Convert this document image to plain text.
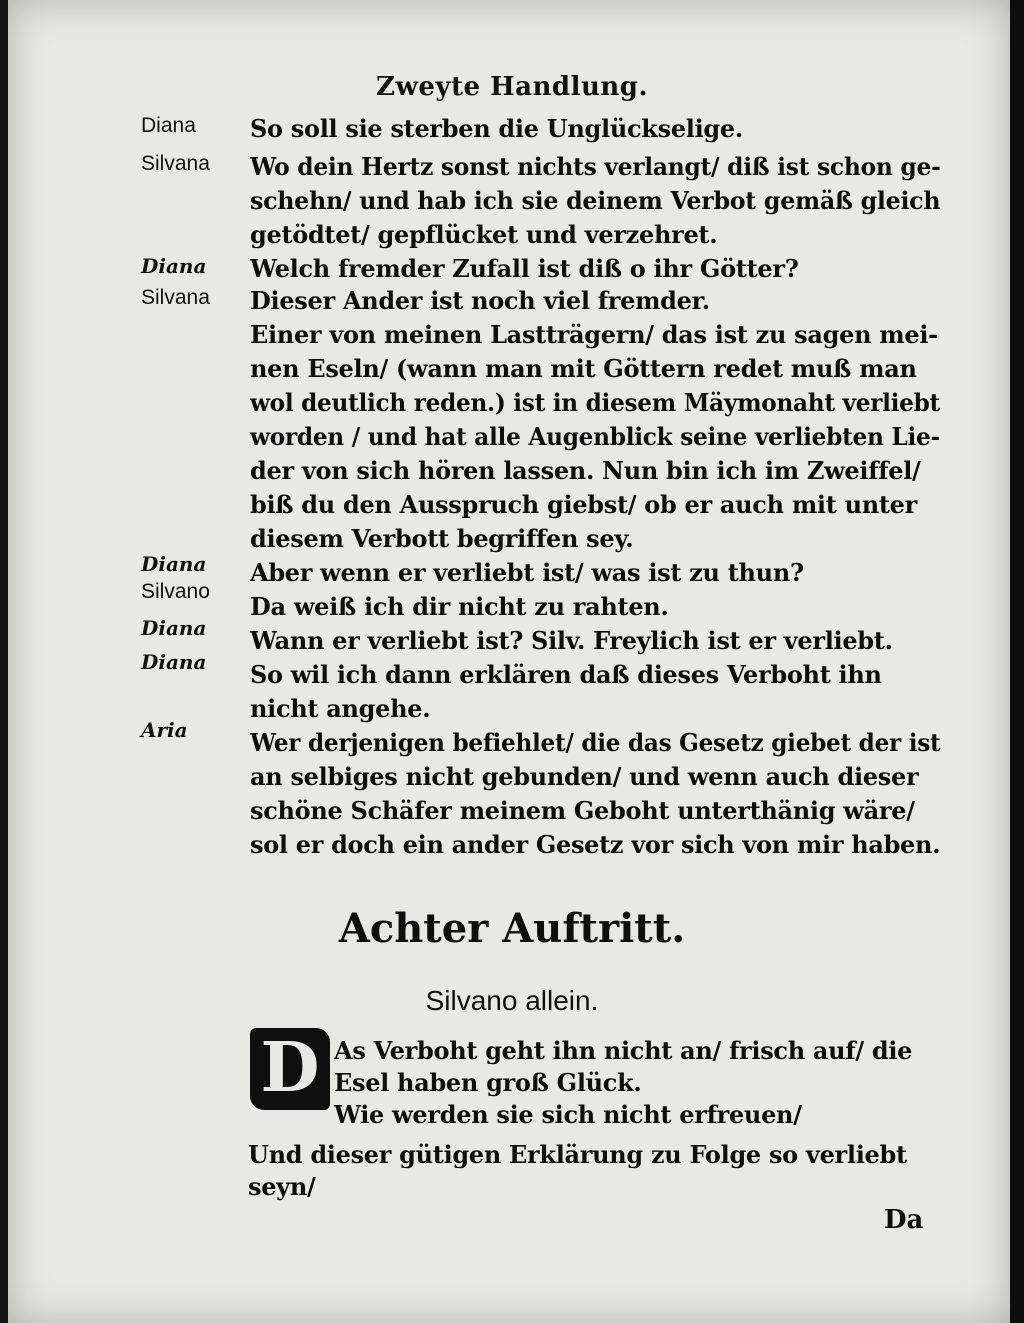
Zweyte Handlung.
Diana
Silvana
Diana
Silvana
Diana
Silvano
Diana
Diana
Aria
So soll sie sterben die Unglückselige.
Wo dein Hertz sonst nichts verlangt/ diß ist schon ge-
schehn/ und hab ich sie deinem Verbot gemäß gleich
getödtet/ gepflücket und verzehret.
Welch fremder Zufall ist diß o ihr Götter?
Dieser Ander ist noch viel fremder.
Einer von meinen Lastträgern/ das ist zu sagen mei-
nen Eseln/ (wann man mit Göttern redet muß man
wol deutlich reden.) ist in diesem Mäymonaht verliebt
worden / und hat alle Augenblick seine verliebten Lie-
der von sich hören lassen. Nun bin ich im Zweiffel/
biß du den Ausspruch giebst/ ob er auch mit unter
diesem Verbott begriffen sey.
Aber wenn er verliebt ist/ was ist zu thun?
Da weiß ich dir nicht zu rahten.
Wann er verliebt ist? Silv. Freylich ist er verliebt.
So wil ich dann erklären daß dieses Verboht ihn
nicht angehe.
Wer derjenigen befiehlet/ die das Gesetz giebet der ist
an selbiges nicht gebunden/ und wenn auch dieser
schöne Schäfer meinem Geboht unterthänig wäre/
sol er doch ein ander Gesetz vor sich von mir haben.
Achter Auftritt.
Silvano allein.
D As Verboht geht ihn nicht an/ frisch auf/ die
Esel haben groß Glück.
Wie werden sie sich nicht erfreuen/
Und dieser gütigen Erklärung zu Folge so verliebt
seyn/
Da
